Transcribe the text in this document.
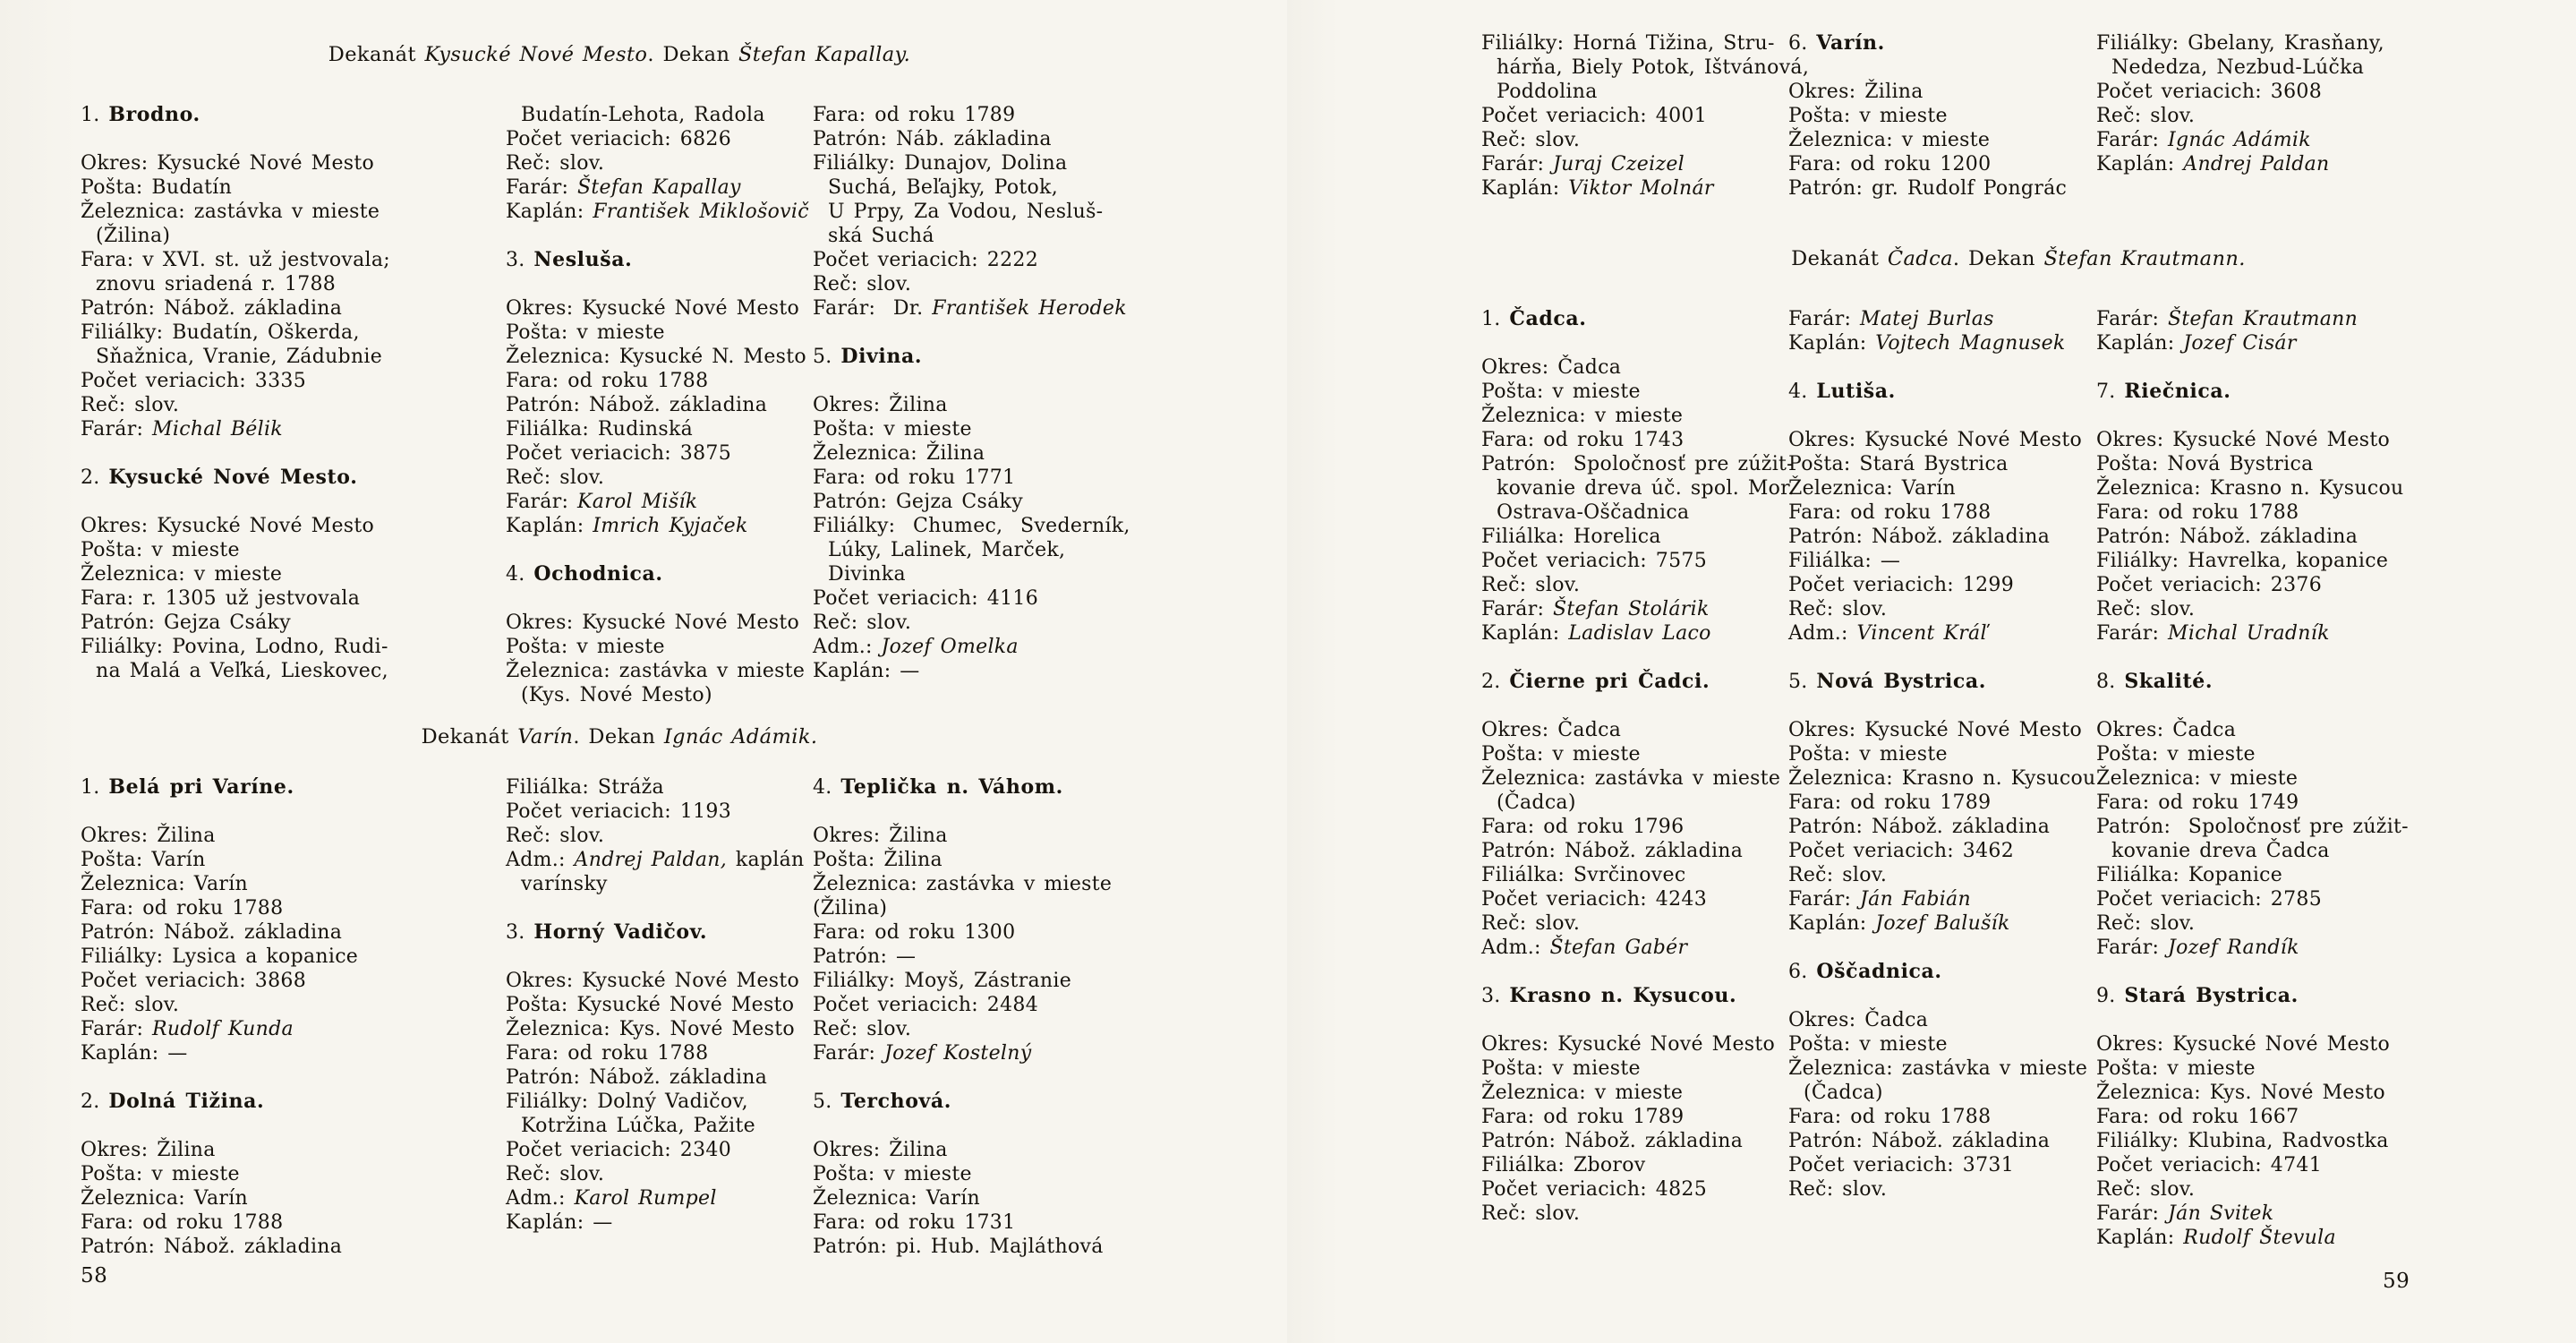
Dekanát Kysucké Nové Mesto. Dekan Štefan Kapallay.
Dekanát Varín. Dekan Ignác Adámik.
1. Brodno.
Okres: Kysucké Nové Mesto
Pošta: Budatín
Železnica: zastávka v mieste
(Žilina)
Fara: v XVI. st. už jestvovala;
znovu sriadená r. 1788
Patrón: Nábož. základina
Filiálky: Budatín, Oškerda,
Sňažnica, Vranie, Zádubnie
Počet veriacich: 3335
Reč: slov.
Farár: Michal Bélik
2. Kysucké Nové Mesto.
Okres: Kysucké Nové Mesto
Pošta: v mieste
Železnica: v mieste
Fara: r. 1305 už jestvovala
Patrón: Gejza Csáky
Filiálky: Povina, Lodno, Rudi-
na Malá a Veľká, Lieskovec,
Budatín-Lehota, Radola
Počet veriacich: 6826
Reč: slov.
Farár: Štefan Kapallay
Kaplán: František Miklošovič
3. Nesluša.
Okres: Kysucké Nové Mesto
Pošta: v mieste
Železnica: Kysucké N. Mesto
Fara: od roku 1788
Patrón: Nábož. základina
Filiálka: Rudinská
Počet veriacich: 3875
Reč: slov.
Farár: Karol Mišík
Kaplán: Imrich Kyjaček
4. Ochodnica.
Okres: Kysucké Nové Mesto
Pošta: v mieste
Železnica: zastávka v mieste
(Kys. Nové Mesto)
Fara: od roku 1789
Patrón: Náb. základina
Filiálky: Dunajov, Dolina
Suchá, Beľajky, Potok,
U Prpy, Za Vodou, Nesluš-
ská Suchá
Počet veriacich: 2222
Reč: slov.
Farár:  Dr. František Herodek
5. Divina.
Okres: Žilina
Pošta: v mieste
Železnica: Žilina
Fara: od roku 1771
Patrón: Gejza Csáky
Filiálky:  Chumec,  Svederník,
Lúky, Lalinek, Marček,
Divinka
Počet veriacich: 4116
Reč: slov.
Adm.: Jozef Omelka
Kaplán: —
1. Belá pri Varíne.
Okres: Žilina
Pošta: Varín
Železnica: Varín
Fara: od roku 1788
Patrón: Nábož. základina
Filiálky: Lysica a kopanice
Počet veriacich: 3868
Reč: slov.
Farár: Rudolf Kunda
Kaplán: —
2. Dolná Tižina.
Okres: Žilina
Pošta: v mieste
Železnica: Varín
Fara: od roku 1788
Patrón: Nábož. základina
Filiálka: Stráža
Počet veriacich: 1193
Reč: slov.
Adm.: Andrej Paldan, kaplán
varínsky
3. Horný Vadičov.
Okres: Kysucké Nové Mesto
Pošta: Kysucké Nové Mesto
Železnica: Kys. Nové Mesto
Fara: od roku 1788
Patrón: Nábož. základina
Filiálky: Dolný Vadičov,
Kotržina Lúčka, Pažite
Počet veriacich: 2340
Reč: slov.
Adm.: Karol Rumpel
Kaplán: —
4. Teplička n. Váhom.
Okres: Žilina
Pošta: Žilina
Železnica: zastávka v mieste
(Žilina)
Fara: od roku 1300
Patrón: —
Filiálky: Moyš, Zástranie
Počet veriacich: 2484
Reč: slov.
Farár: Jozef Kostelný
5. Terchová.
Okres: Žilina
Pošta: v mieste
Železnica: Varín
Fara: od roku 1731
Patrón: pi. Hub. Majláthová
58
Dekanát Čadca. Dekan Štefan Krautmann.
Filiálky: Horná Tižina, Stru-
hárňa, Biely Potok, Ištvánová,
Poddolina
Počet veriacich: 4001
Reč: slov.
Farár: Juraj Czeizel
Kaplán: Viktor Molnár
6. Varín.
Okres: Žilina
Pošta: v mieste
Železnica: v mieste
Fara: od roku 1200
Patrón: gr. Rudolf Pongrác
Filiálky: Gbelany, Krasňany,
Nededza, Nezbud-Lúčka
Počet veriacich: 3608
Reč: slov.
Farár: Ignác Adámik
Kaplán: Andrej Paldan
1. Čadca.
Okres: Čadca
Pošta: v mieste
Železnica: v mieste
Fara: od roku 1743
Patrón:  Spoločnosť pre zúžit-
kovanie dreva úč. spol. Mor.
Ostrava-Oščadnica
Filiálka: Horelica
Počet veriacich: 7575
Reč: slov.
Farár: Štefan Stolárik
Kaplán: Ladislav Laco
2. Čierne pri Čadci.
Okres: Čadca
Pošta: v mieste
Železnica: zastávka v mieste
(Čadca)
Fara: od roku 1796
Patrón: Nábož. základina
Filiálka: Svrčinovec
Počet veriacich: 4243
Reč: slov.
Adm.: Štefan Gabér
3. Krasno n. Kysucou.
Okres: Kysucké Nové Mesto
Pošta: v mieste
Železnica: v mieste
Fara: od roku 1789
Patrón: Nábož. základina
Filiálka: Zborov
Počet veriacich: 4825
Reč: slov.
Farár: Matej Burlas
Kaplán: Vojtech Magnusek
4. Lutiša.
Okres: Kysucké Nové Mesto
Pošta: Stará Bystrica
Železnica: Varín
Fara: od roku 1788
Patrón: Nábož. základina
Filiálka: —
Počet veriacich: 1299
Reč: slov.
Adm.: Vincent Kráľ
5. Nová Bystrica.
Okres: Kysucké Nové Mesto
Pošta: v mieste
Železnica: Krasno n. Kysucou
Fara: od roku 1789
Patrón: Nábož. základina
Počet veriacich: 3462
Reč: slov.
Farár: Ján Fabián
Kaplán: Jozef Balušík
6. Oščadnica.
Okres: Čadca
Pošta: v mieste
Železnica: zastávka v mieste
(Čadca)
Fara: od roku 1788
Patrón: Nábož. základina
Počet veriacich: 3731
Reč: slov.
Farár: Štefan Krautmann
Kaplán: Jozef Cisár
7. Riečnica.
Okres: Kysucké Nové Mesto
Pošta: Nová Bystrica
Železnica: Krasno n. Kysucou
Fara: od roku 1788
Patrón: Nábož. základina
Filiálky: Havrelka, kopanice
Počet veriacich: 2376
Reč: slov.
Farár: Michal Uradník
8. Skalité.
Okres: Čadca
Pošta: v mieste
Železnica: v mieste
Fara: od roku 1749
Patrón:  Spoločnosť pre zúžit-
kovanie dreva Čadca
Filiálka: Kopanice
Počet veriacich: 2785
Reč: slov.
Farár: Jozef Randík
9. Stará Bystrica.
Okres: Kysucké Nové Mesto
Pošta: v mieste
Železnica: Kys. Nové Mesto
Fara: od roku 1667
Filiálky: Klubina, Radvostka
Počet veriacich: 4741
Reč: slov.
Farár: Ján Svitek
Kaplán: Rudolf Števula
59
